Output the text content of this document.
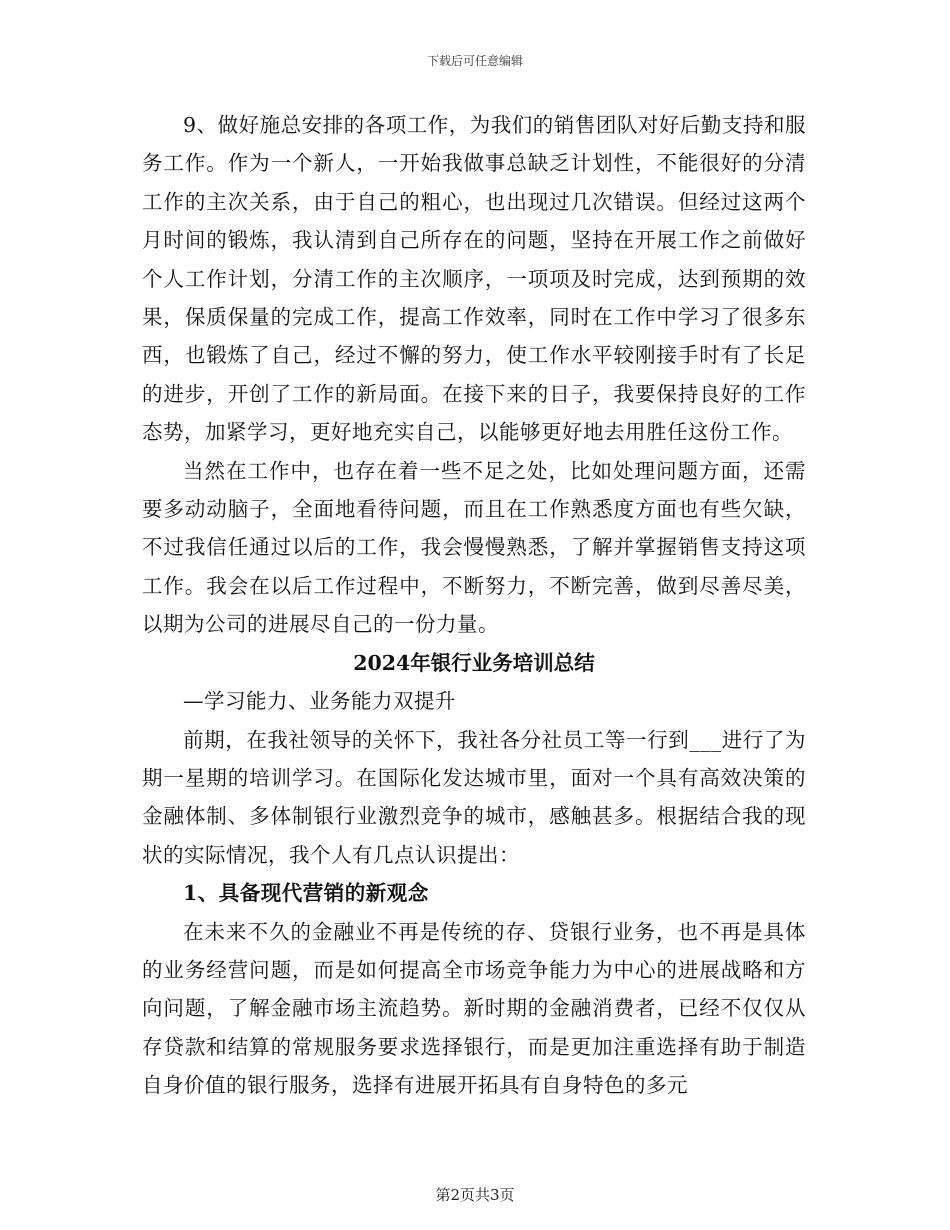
下载后可任意编辑

9、做好施总安排的各项工作，为我们的销售团队对好后勤支持和服务工作。作为一个新人，一开始我做事总缺乏计划性，不能很好的分清工作的主次关系，由于自己的粗心，也出现过几次错误。但经过这两个月时间的锻炼，我认清到自己所存在的问题，坚持在开展工作之前做好个人工作计划，分清工作的主次顺序，一项项及时完成，达到预期的效果，保质保量的完成工作，提高工作效率，同时在工作中学习了很多东西，也锻炼了自己，经过不懈的努力，使工作水平较刚接手时有了长足的进步，开创了工作的新局面。在接下来的日子，我要保持良好的工作态势，加紧学习，更好地充实自己，以能够更好地去用胜任这份工作。

当然在工作中，也存在着一些不足之处，比如处理问题方面，还需要多动动脑子，全面地看待问题，而且在工作熟悉度方面也有些欠缺，不过我信任通过以后的工作，我会慢慢熟悉，了解并掌握销售支持这项工作。我会在以后工作过程中，不断努力，不断完善，做到尽善尽美，以期为公司的进展尽自己的一份力量。

2024年银行业务培训总结

—学习能力、业务能力双提升

前期，在我社领导的关怀下，我社各分社员工等一行到___进行了为期一星期的培训学习。在国际化发达城市里，面对一个具有高效决策的金融体制、多体制银行业激烈竞争的城市，感触甚多。根据结合我的现状的实际情况，我个人有几点认识提出：

1、具备现代营销的新观念

在未来不久的金融业不再是传统的存、贷银行业务，也不再是具体的业务经营问题，而是如何提高全市场竞争能力为中心的进展战略和方向问题，了解金融市场主流趋势。新时期的金融消费者，已经不仅仅从存贷款和结算的常规服务要求选择银行，而是更加注重选择有助于制造自身价值的银行服务，选择有进展开拓具有自身特色的多元

第2页共3页
